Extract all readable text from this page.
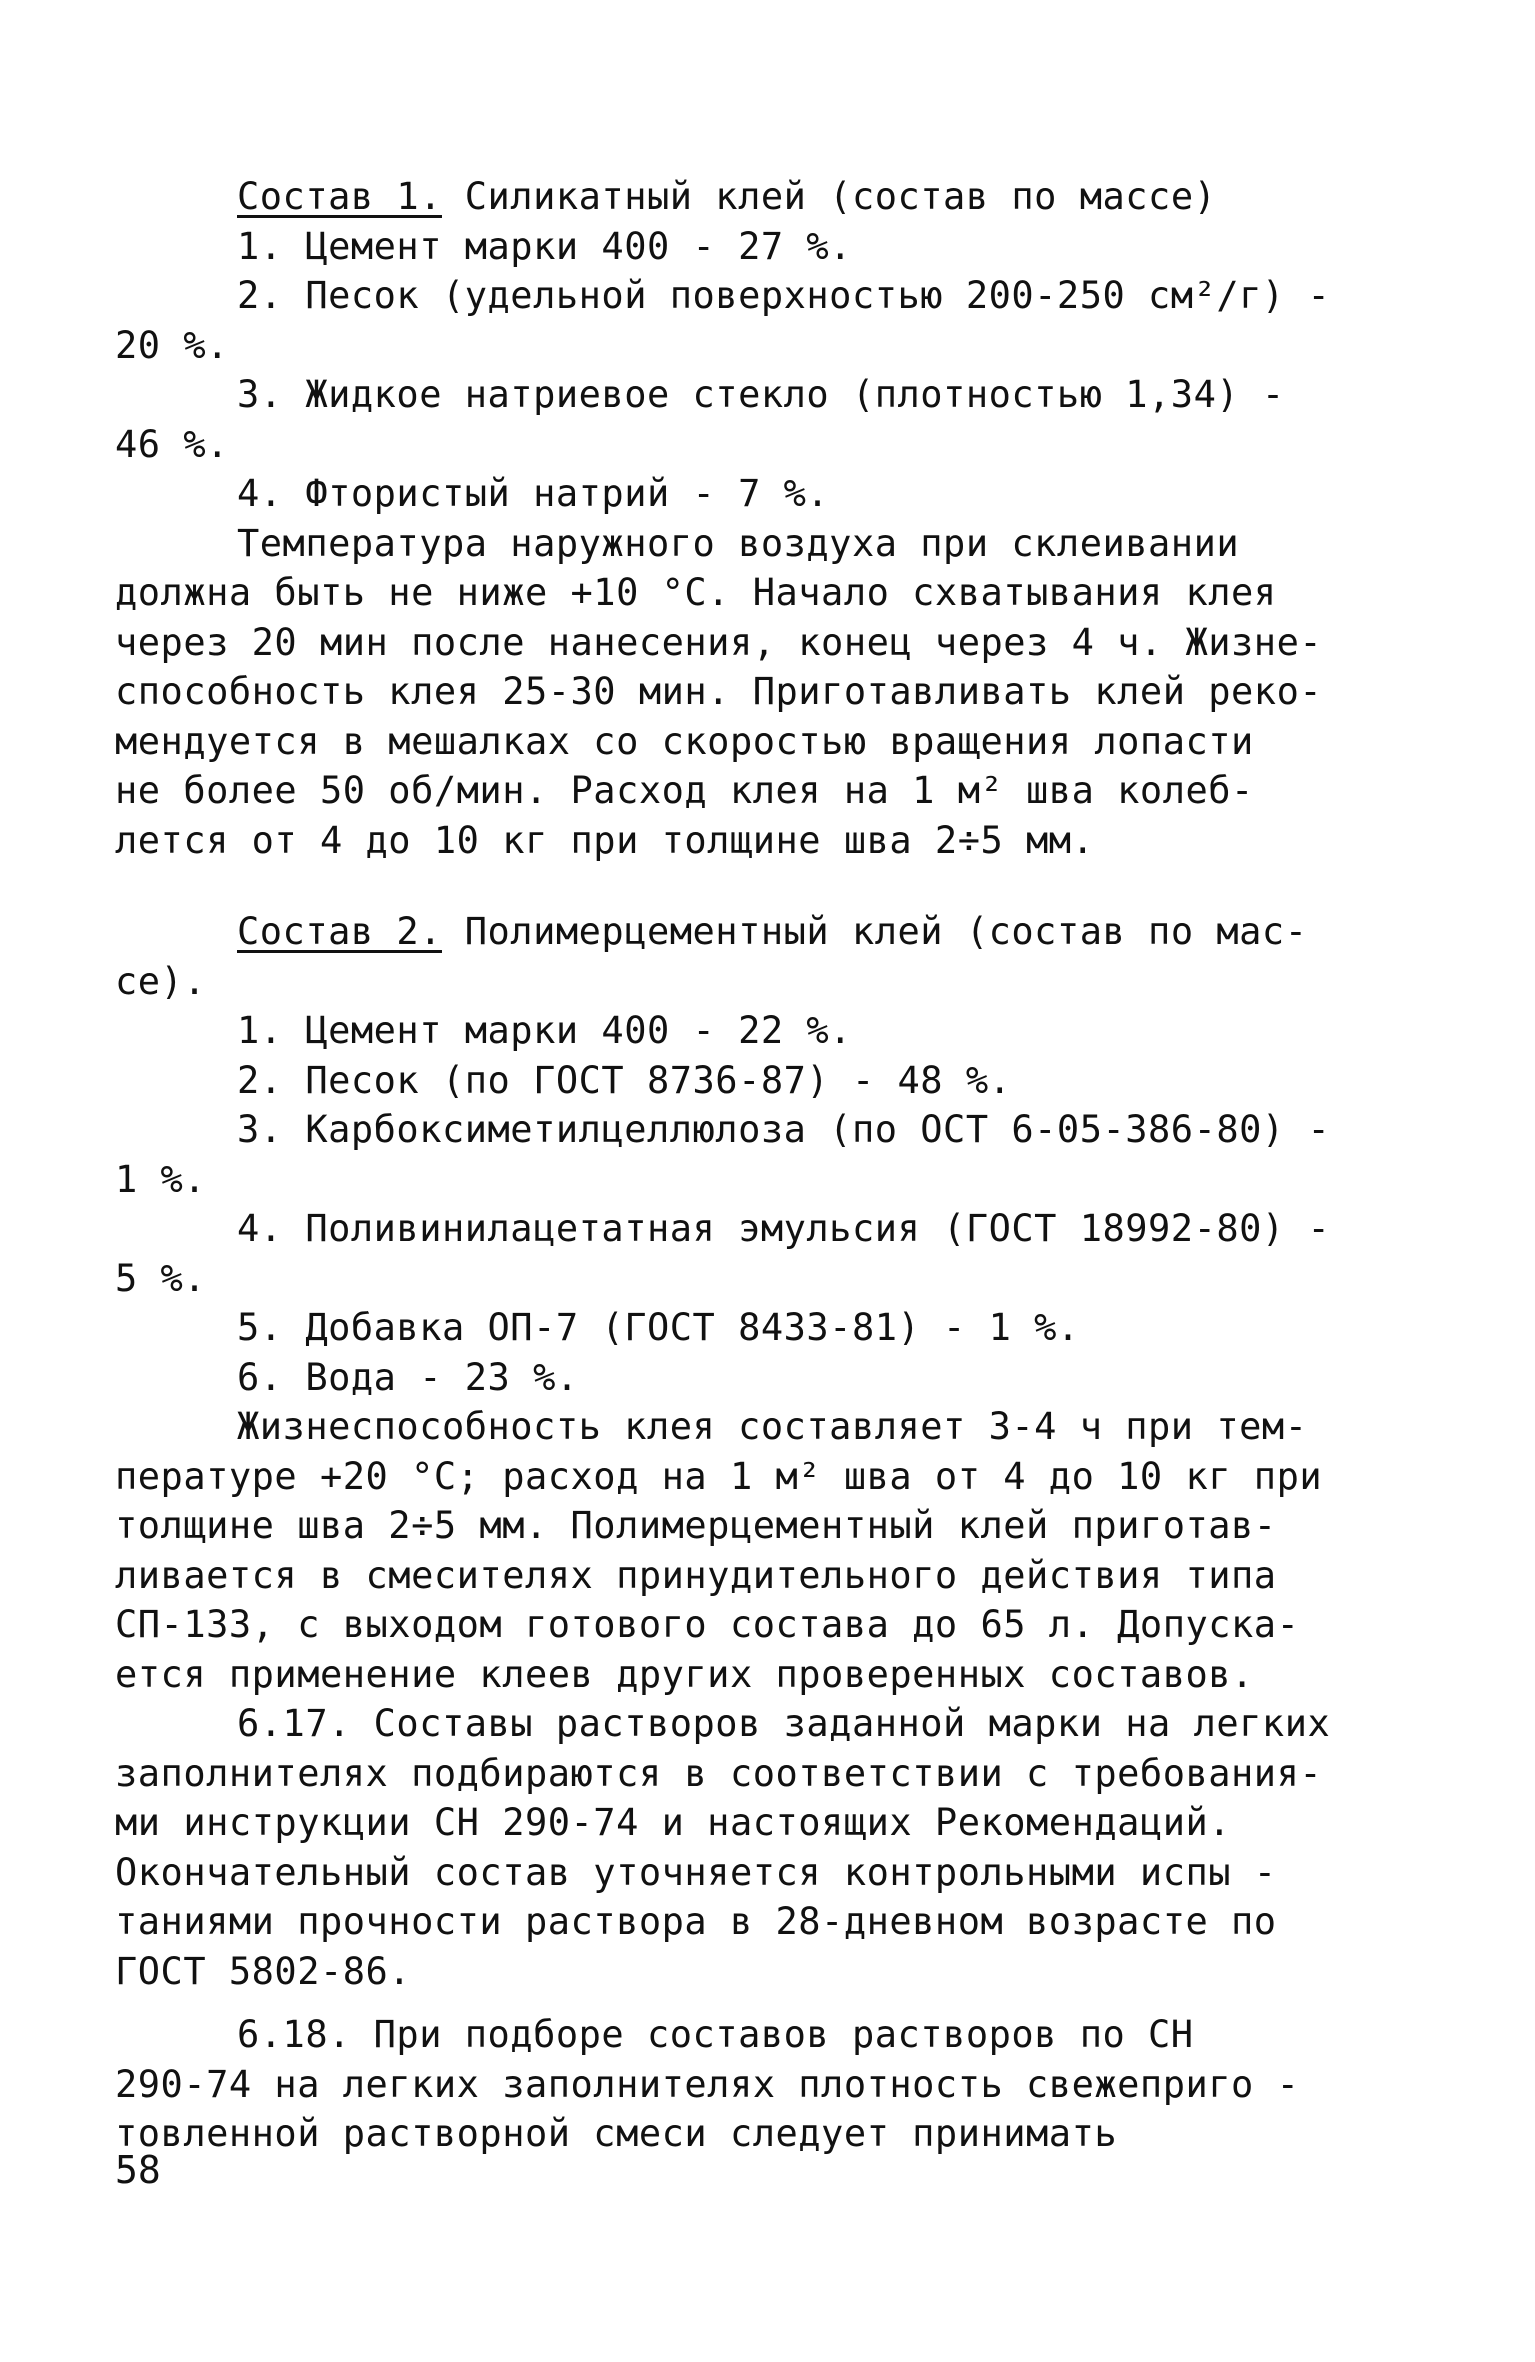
Состав 1. Силикатный клей (состав по массе)

1. Цемент марки 400 - 27 %.

2. Песок (удельной поверхностью 200-250 см²/г) -

20 %.

3. Жидкое натриевое стекло (плотностью 1,34) -

46 %.

4. Фтористый натрий - 7 %.

Температура наружного воздуха при склеивании

должна быть не ниже +10 °С. Начало схватывания клея

через 20 мин после нанесения, конец через 4 ч. Жизне-

способность клея 25-30 мин. Приготавливать клей реко-

мендуется в мешалках со скоростью вращения лопасти

не более 50 об/мин. Расход клея на 1 м² шва колеб-

лется от 4 до 10 кг при толщине шва 2÷5 мм.

Состав 2. Полимерцементный клей (состав по мас-

се).

1. Цемент марки 400 - 22 %.

2. Песок (по ГОСТ 8736-87) - 48 %.

3. Карбоксиметилцеллюлоза (по ОСТ 6-05-386-80) -

1 %.

4. Поливинилацетатная эмульсия (ГОСТ 18992-80) -

5 %.

5. Добавка ОП-7 (ГОСТ 8433-81) - 1 %.

6. Вода - 23 %.

Жизнеспособность клея составляет 3-4 ч при тем-

пературе +20 °С; расход на 1 м² шва от 4 до 10 кг при

толщине шва 2÷5 мм. Полимерцементный клей приготав-

ливается в смесителях принудительного действия типа

СП-133, с выходом готового состава до 65 л. Допуска-

ется применение клеев других проверенных составов.

6.17. Составы растворов заданной марки на легких

заполнителях подбираются в соответствии с требования-

ми инструкции СН 290-74 и настоящих Рекомендаций.

Окончательный состав уточняется контрольными испы -

таниями прочности раствора в 28-дневном возрасте по

ГОСТ 5802-86.

6.18. При подборе составов растворов по СН

290-74 на легких заполнителях плотность свежеприго -

товленной растворной смеси следует принимать

58
